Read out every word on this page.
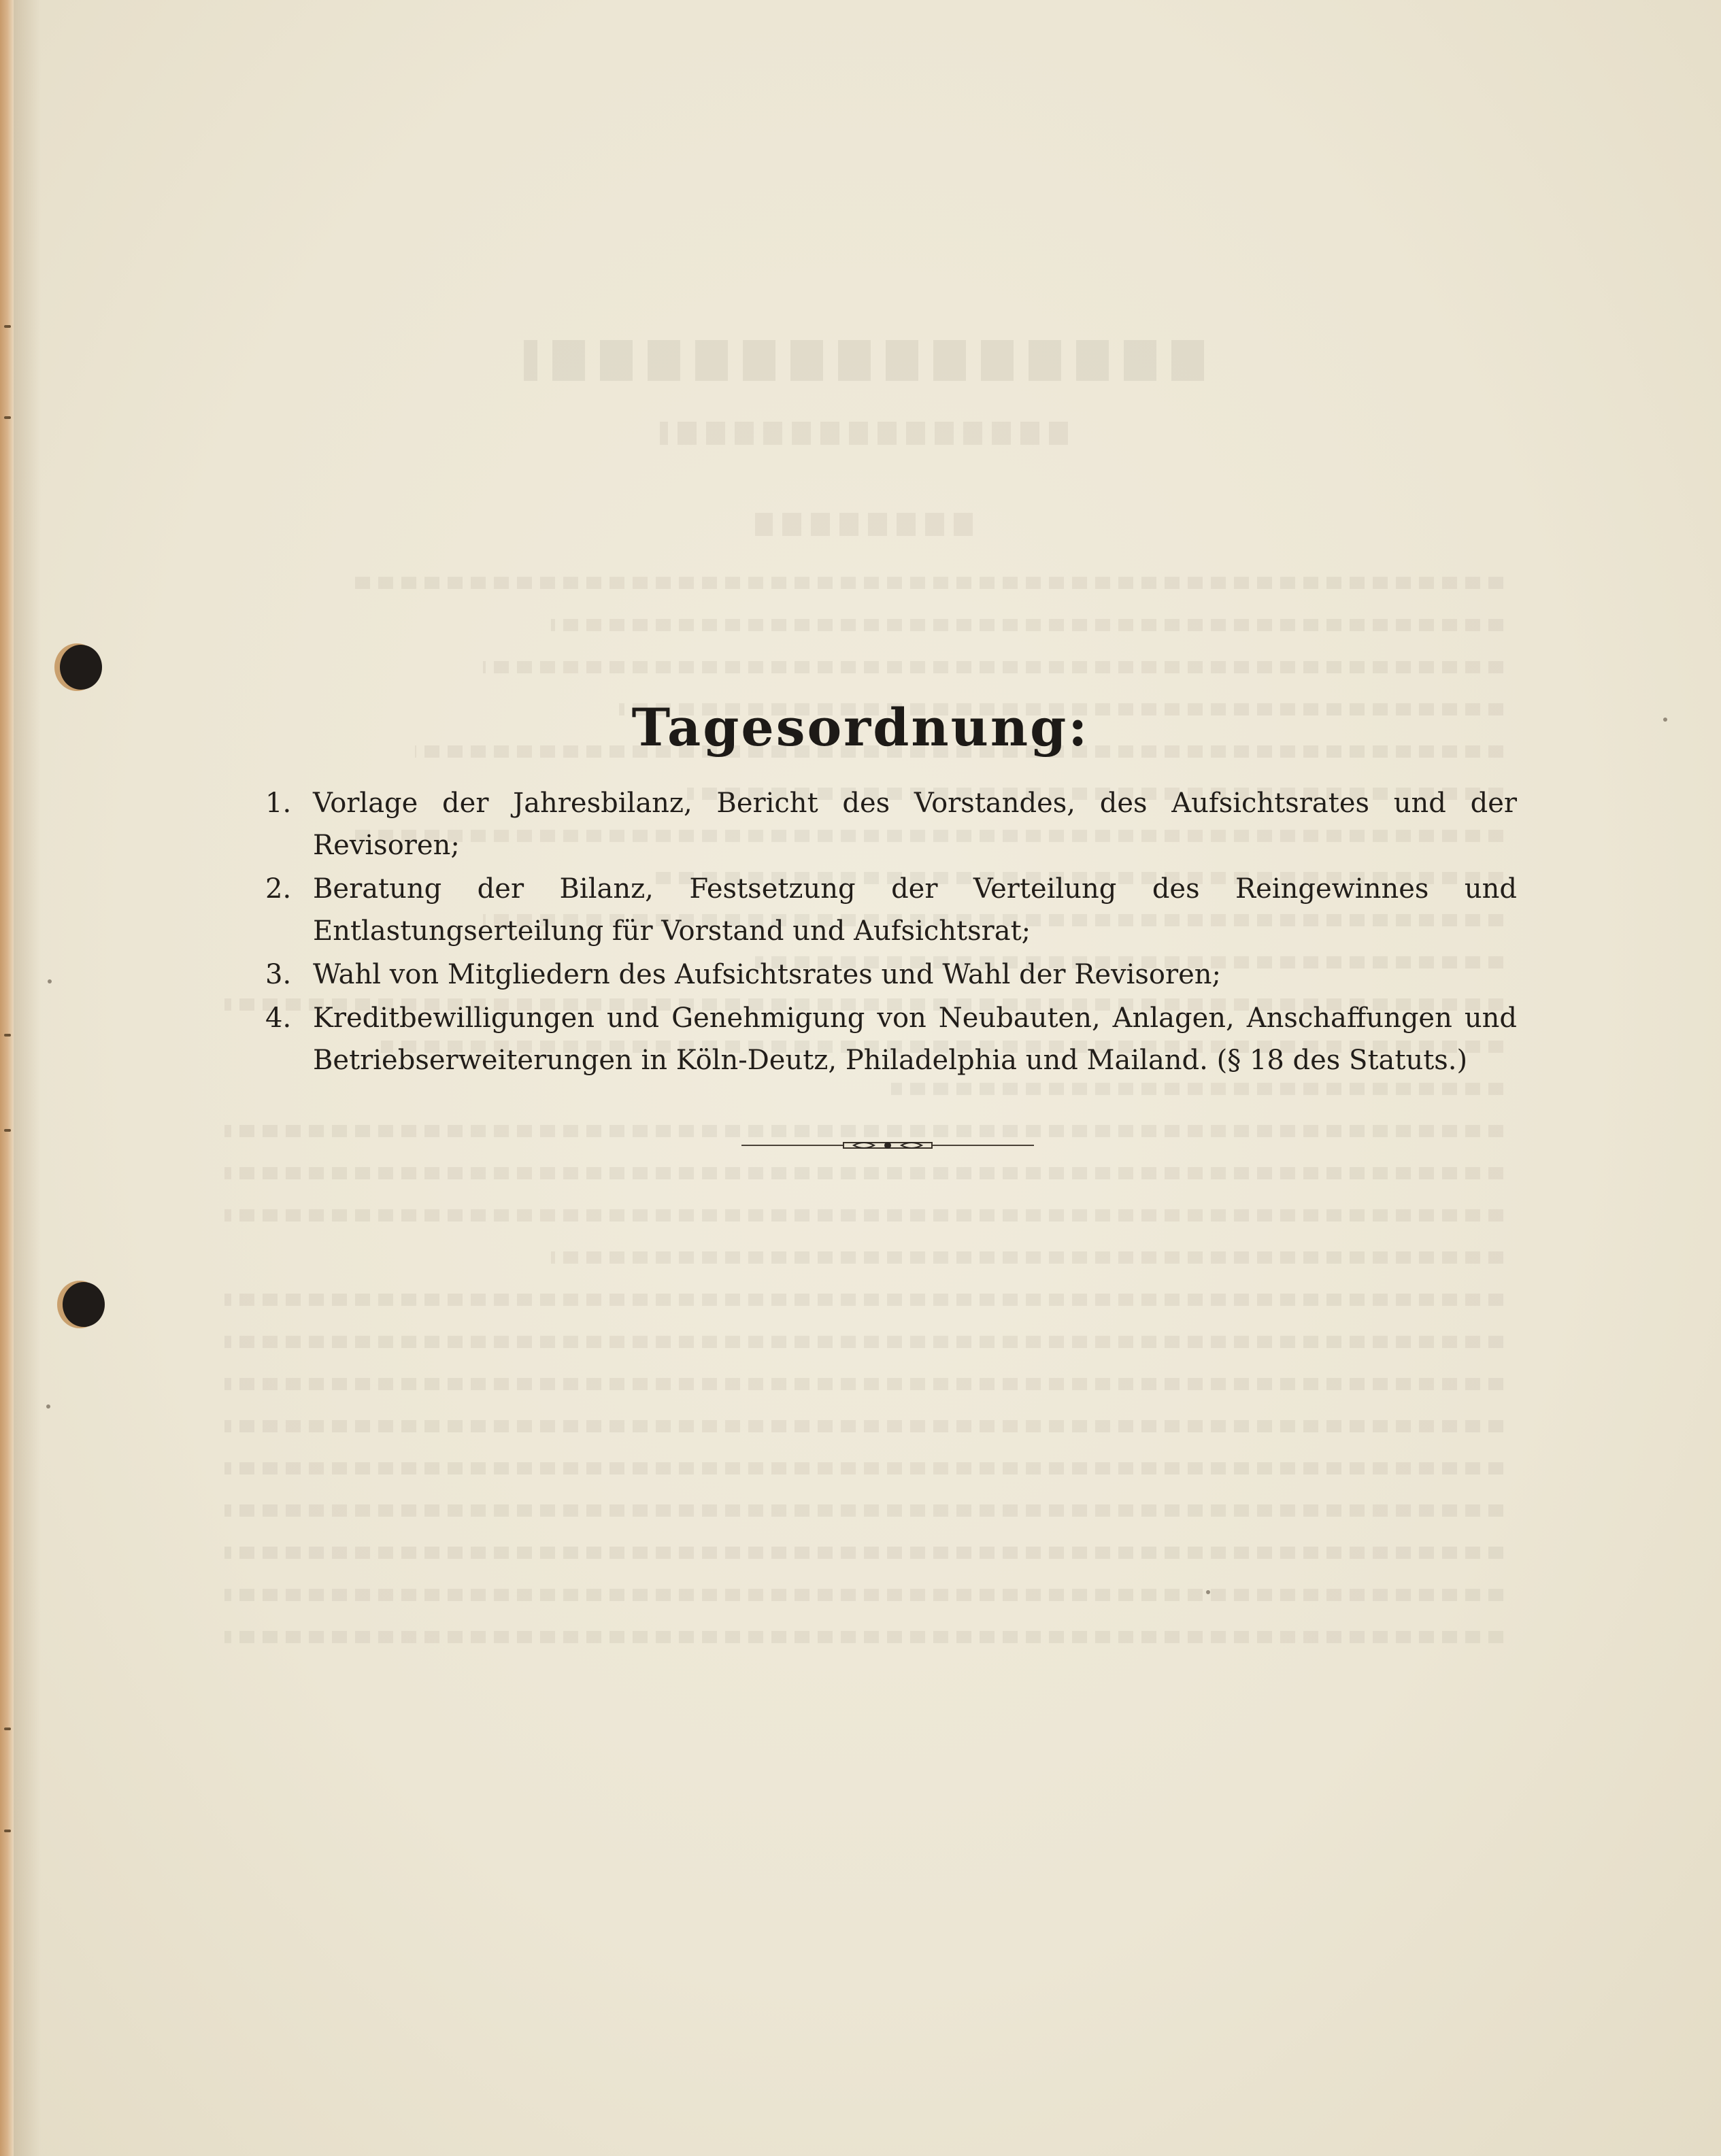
Tagesordnung:
1. Vorlage der Jahresbilanz, Bericht des Vorstandes, des Aufsichtsrates und der Revisoren;
2. Beratung der Bilanz, Festsetzung der Verteilung des Reingewinnes und Entlastungserteilung für Vorstand und Aufsichtsrat;
3. Wahl von Mitgliedern des Aufsichtsrates und Wahl der Revisoren;
4. Kreditbewilligungen und Genehmigung von Neubauten, Anlagen, Anschaffungen und Betriebserweiterungen in Köln-Deutz, Philadelphia und Mailand. (§ 18 des Statuts.)
